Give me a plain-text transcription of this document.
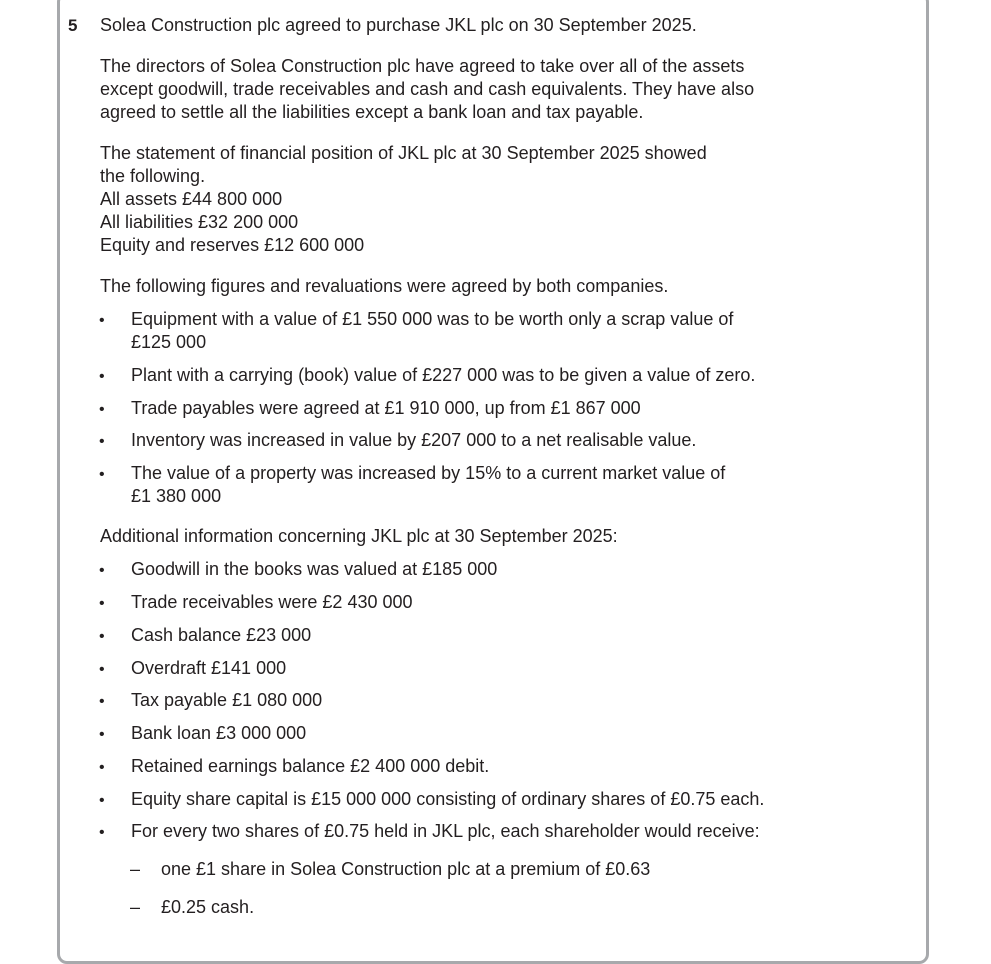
5 Solea Construction plc agreed to purchase JKL plc on 30 September 2025.
The directors of Solea Construction plc have agreed to take over all of the assets
except goodwill, trade receivables and cash and cash equivalents. They have also
agreed to settle all the liabilities except a bank loan and tax payable.
The statement of financial position of JKL plc at 30 September 2025 showed
the following.
All assets £44 800 000
All liabilities £32 200 000
Equity and reserves £12 600 000
The following figures and revaluations were agreed by both companies.
• Equipment with a value of £1 550 000 was to be worth only a scrap value of
£125 000
• Plant with a carrying (book) value of £227 000 was to be given a value of zero.
• Trade payables were agreed at £1 910 000, up from £1 867 000
• Inventory was increased in value by £207 000 to a net realisable value.
• The value of a property was increased by 15% to a current market value of
£1 380 000
Additional information concerning JKL plc at 30 September 2025:
• Goodwill in the books was valued at £185 000
• Trade receivables were £2 430 000
• Cash balance £23 000
• Overdraft £141 000
• Tax payable £1 080 000
• Bank loan £3 000 000
• Retained earnings balance £2 400 000 debit.
• Equity share capital is £15 000 000 consisting of ordinary shares of £0.75 each.
• For every two shares of £0.75 held in JKL plc, each shareholder would receive:
– one £1 share in Solea Construction plc at a premium of £0.63
– £0.25 cash.
